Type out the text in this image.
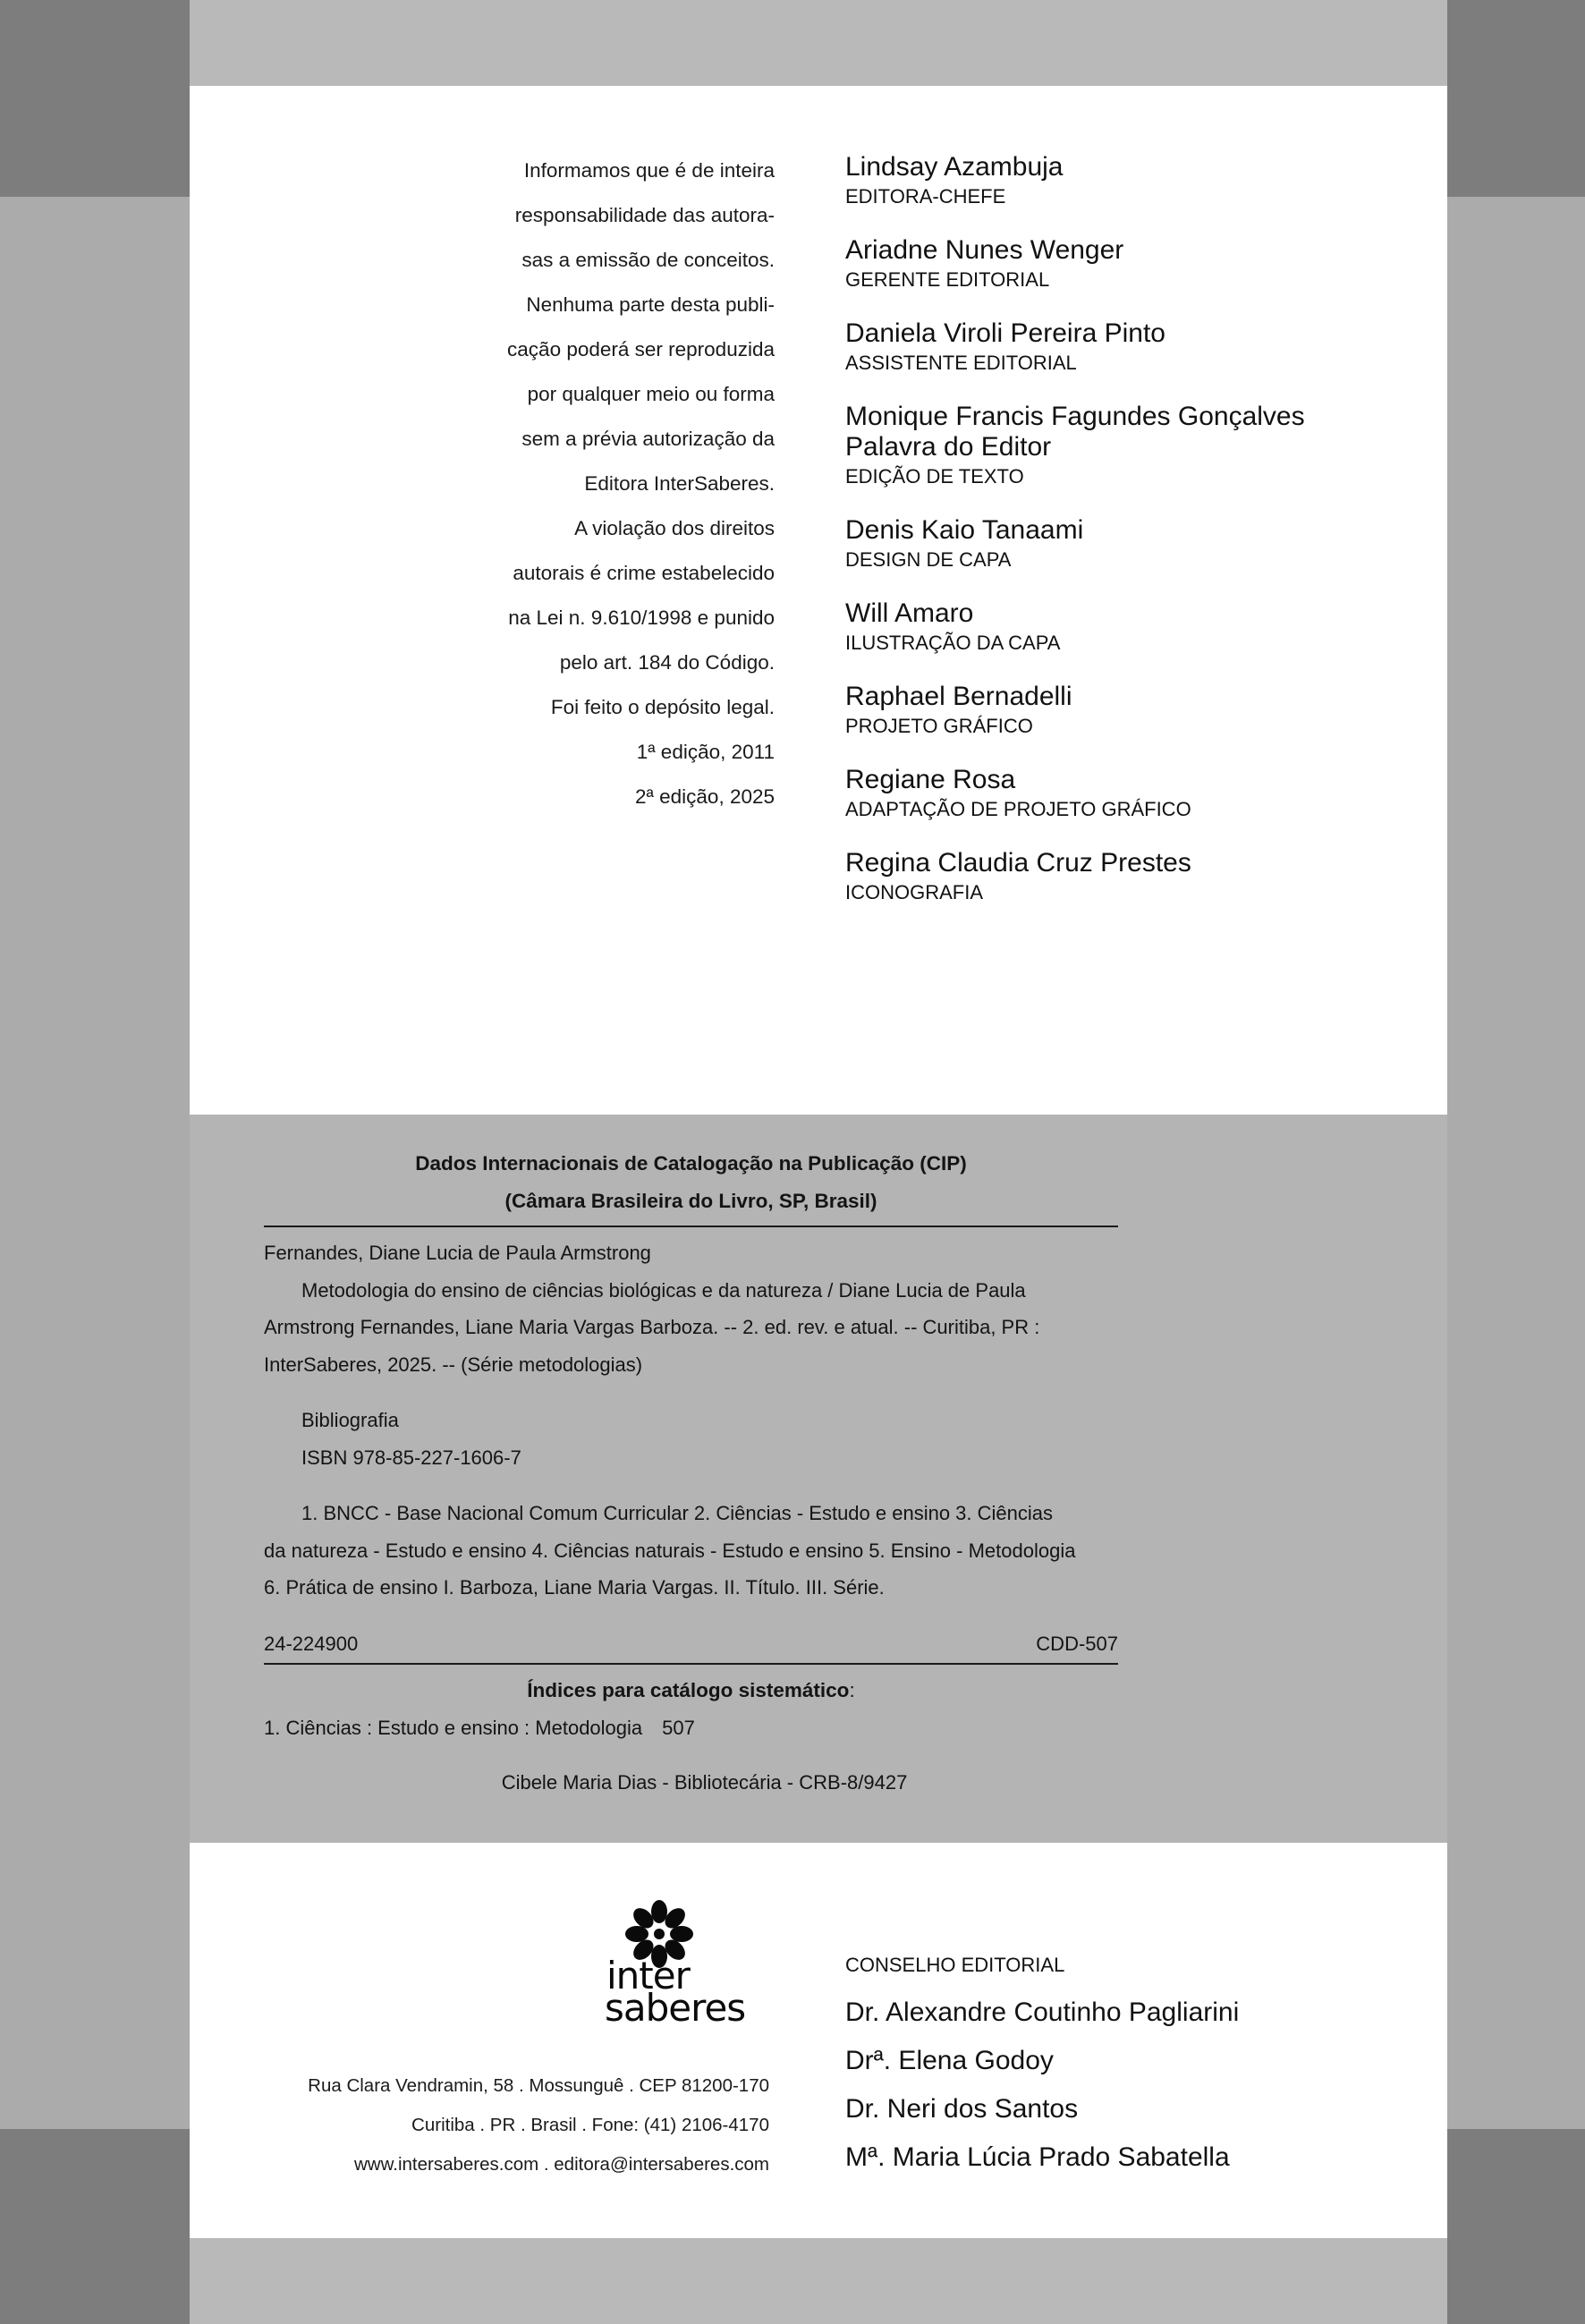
Informamos que é de inteira
responsabilidade das autora-
sas a emissão de conceitos.
Nenhuma parte desta publi-
cação poderá ser reproduzida
por qualquer meio ou forma
sem a prévia autorização da
Editora InterSaberes.
A violação dos direitos
autorais é crime estabelecido
na Lei n. 9.610/1998 e punido
pelo art. 184 do Código.
Foi feito o depósito legal.
1ª edição, 2011
2ª edição, 2025
Lindsay Azambuja
EDITORA-CHEFE
Ariadne Nunes Wenger
GERENTE EDITORIAL
Daniela Viroli Pereira Pinto
ASSISTENTE EDITORIAL
Monique Francis Fagundes Gonçalves
Palavra do Editor
EDIÇÃO DE TEXTO
Denis Kaio Tanaami
DESIGN DE CAPA
Will Amaro
ILUSTRAÇÃO DA CAPA
Raphael Bernadelli
PROJETO GRÁFICO
Regiane Rosa
ADAPTAÇÃO DE PROJETO GRÁFICO
Regina Claudia Cruz Prestes
ICONOGRAFIA
Dados Internacionais de Catalogação na Publicação (CIP)
(Câmara Brasileira do Livro, SP, Brasil)
Fernandes, Diane Lucia de Paula Armstrong
Metodologia do ensino de ciências biológicas e da natureza / Diane Lucia de Paula
Armstrong Fernandes, Liane Maria Vargas Barboza. -- 2. ed. rev. e atual. -- Curitiba, PR :
InterSaberes, 2025. -- (Série metodologias)
Bibliografia
ISBN 978-85-227-1606-7
1. BNCC - Base Nacional Comum Curricular 2. Ciências - Estudo e ensino 3. Ciências
da natureza - Estudo e ensino 4. Ciências naturais - Estudo e ensino 5. Ensino - Metodologia
6. Prática de ensino I. Barboza, Liane Maria Vargas. II. Título. III. Série.
24-224900	CDD-507
Índices para catálogo sistemático:
1. Ciências : Estudo e ensino : Metodologia 507
Cibele Maria Dias - Bibliotecária - CRB-8/9427
inter
saberes
Rua Clara Vendramin, 58 . Mossunguê . CEP 81200-170
Curitiba . PR . Brasil . Fone: (41) 2106-4170
www.intersaberes.com . editora@intersaberes.com
CONSELHO EDITORIAL
Dr. Alexandre Coutinho Pagliarini
Drª. Elena Godoy
Dr. Neri dos Santos
Mª. Maria Lúcia Prado Sabatella
